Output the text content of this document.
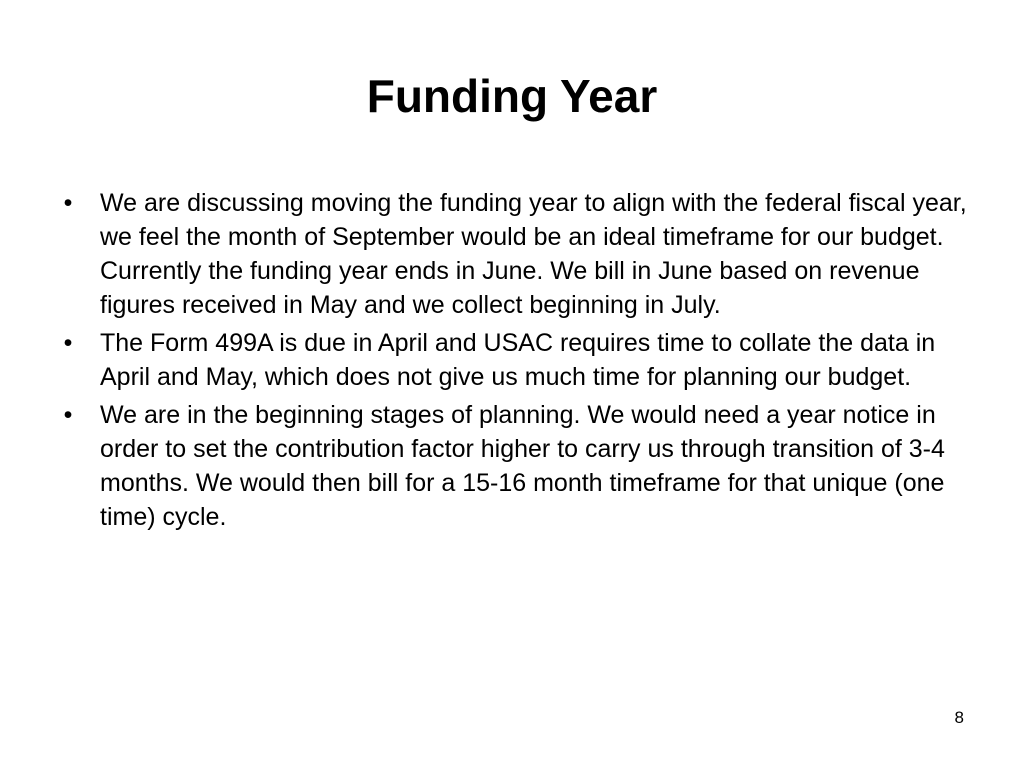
Funding Year
• We are discussing moving the funding year to align with the federal fiscal year, we feel the month of September would be an ideal timeframe for our budget. Currently the funding year ends in June. We bill in June based on revenue figures received in May and we collect beginning in July.
• The Form 499A is due in April and USAC requires time to collate the data in April and May, which does not give us much time for planning our budget.
• We are in the beginning stages of planning. We would need a year notice in order to set the contribution factor higher to carry us through transition of 3-4 months. We would then bill for a 15-16 month timeframe for that unique (one time) cycle.
8
